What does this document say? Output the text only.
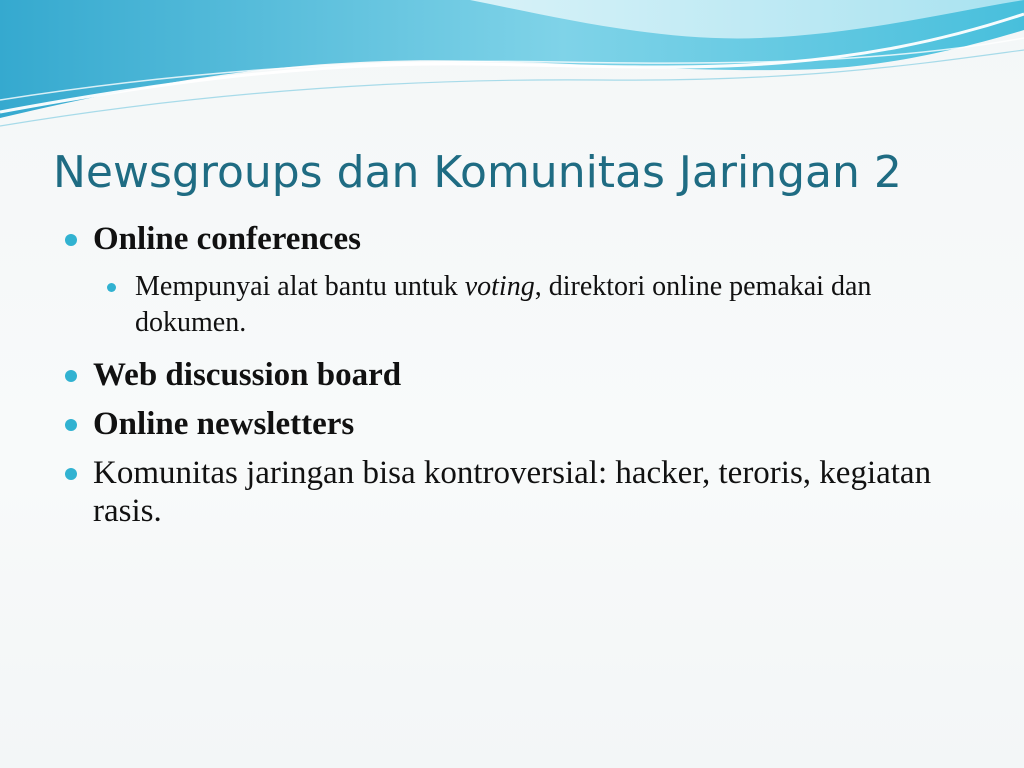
Newsgroups dan Komunitas Jaringan 2
Online conferences
Mempunyai alat bantu untuk voting, direktori online pemakai dan dokumen.
Web discussion board
Online newsletters
Komunitas jaringan bisa kontroversial: hacker, teroris, kegiatan rasis.
